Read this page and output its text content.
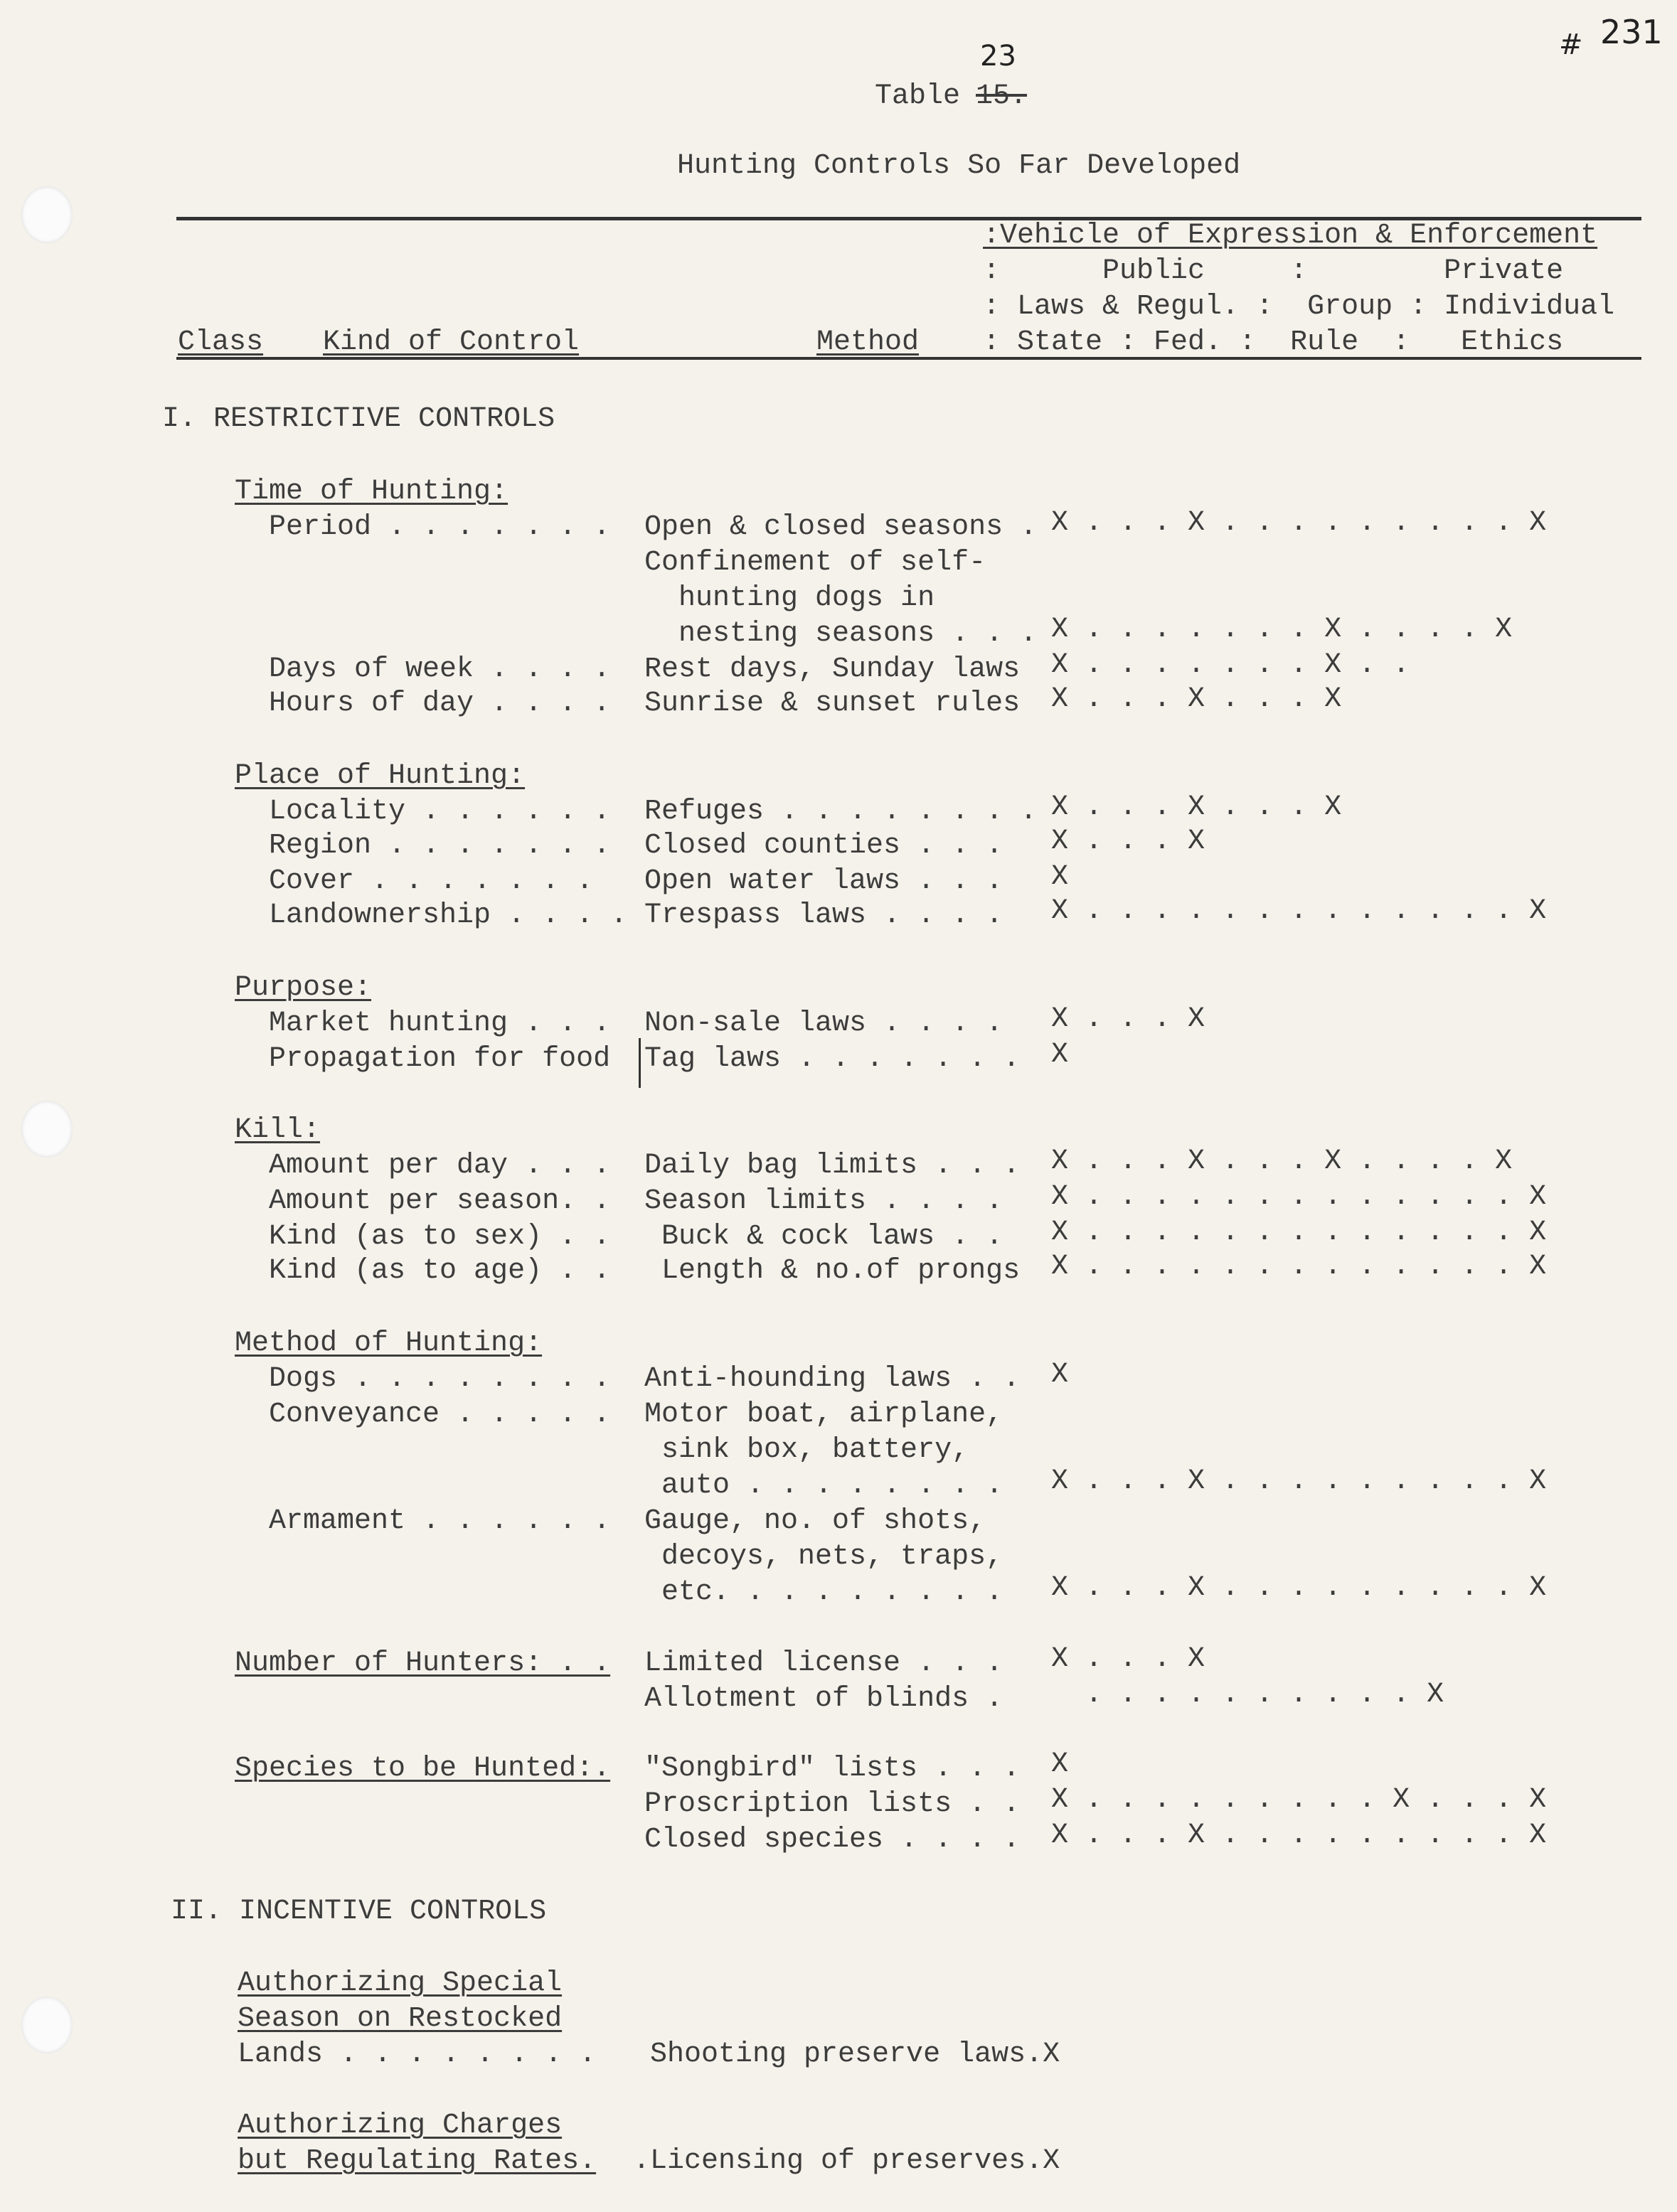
# 231
Table 15.
23
Hunting Controls So Far Developed
:Vehicle of Expression & Enforcement
:      Public     :        Private
: Laws & Regul. :  Group : Individual
Class Kind of Control	Method : State : Fed. :  Rule  :   Ethics
I. RESTRICTIVE CONTROLS
II. INCENTIVE CONTROLS
Time of Hunting:
Period . . . . . . . Open & closed seasons . X . . . X . . . . . . . . . X
Confinement of self-
hunting dogs in
nesting seasons . . . X . . . . . . . X . . . . X
Days of week . . . . Rest days, Sunday laws X . . . . . . . X . .
Hours of day . . . . Sunrise & sunset rules X . . . X . . . X
Place of Hunting:
Locality . . . . . . Refuges . . . . . . . . X . . . X . . . X
Region . . . . . . . Closed counties . . . X . . . X
Cover . . . . . . . Open water laws . . . X
Landownership . . . . Trespass laws . . . . X . . . . . . . . . . . . . X
Purpose:
Market hunting . . . Non-sale laws . . . . X . . . X
Propagation for food Tag laws . . . . . . . X
Kill:
Amount per day . . . Daily bag limits . . . X . . . X . . . X . . . . X
Amount per season. . Season limits . . . . X . . . . . . . . . . . . . X
Kind (as to sex) . . Buck & cock laws . . X . . . . . . . . . . . . . X
Kind (as to age) . . Length & no.of prongs X . . . . . . . . . . . . . X
Method of Hunting:
Dogs . . . . . . . . Anti-hounding laws . . X
Conveyance . . . . . Motor boat, airplane,
sink box, battery,
auto . . . . . . . . X . . . X . . . . . . . . . X
Armament . . . . . . Gauge, no. of shots,
decoys, nets, traps,
etc. . . . . . . . . X . . . X . . . . . . . . . X
Number of Hunters: . . Limited license . . . X . . . X
Allotment of blinds . . . . . . . . . . . X
Species to be Hunted:. "Songbird" lists . . . X
Proscription lists . . X . . . . . . . . . X . . . X
Closed species . . . . X . . . X . . . . . . . . . X
Authorizing Special
Season on Restocked
Lands . . . . . . . . Shooting preserve laws.X
Authorizing Charges
but Regulating Rates. .Licensing of preserves.X
